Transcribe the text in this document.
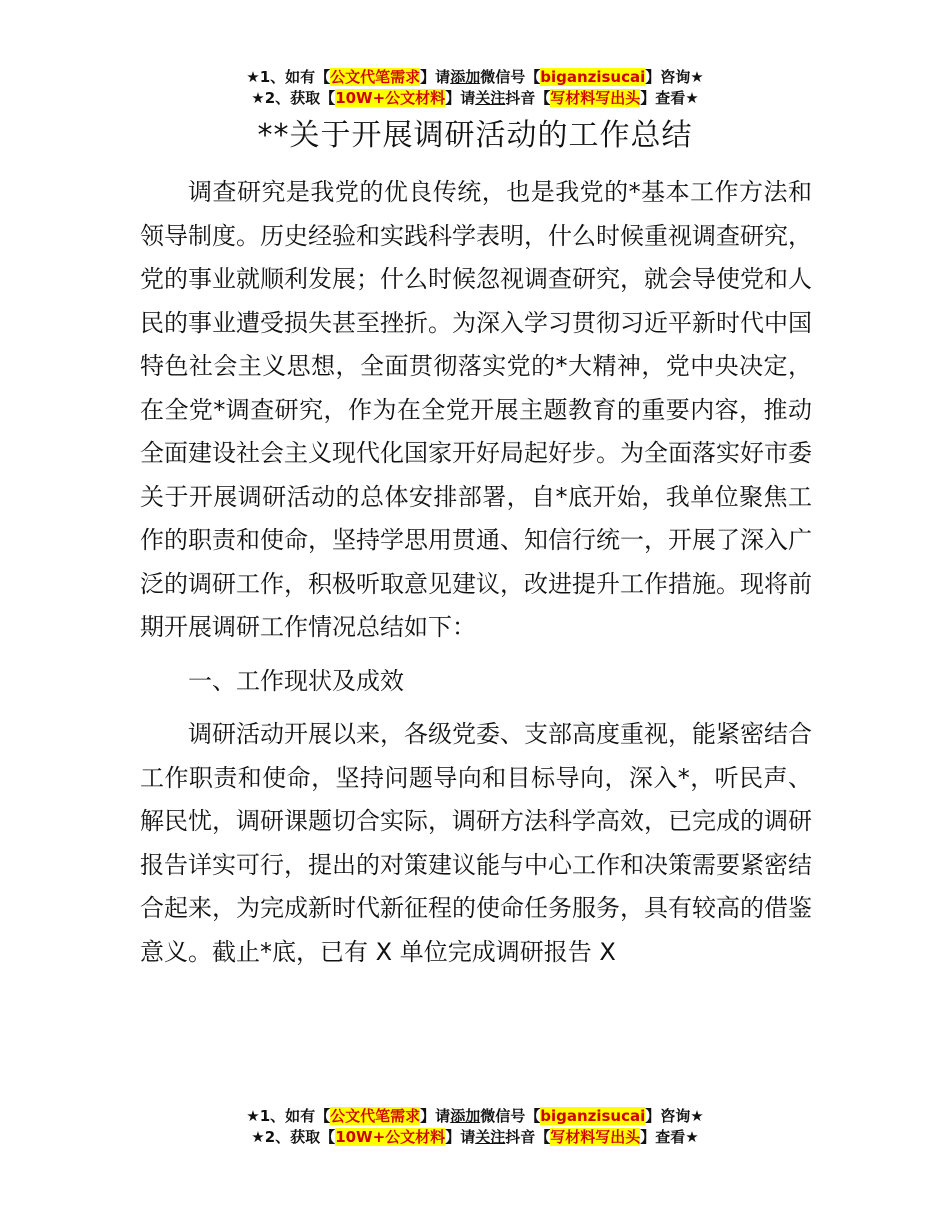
★1、如有【公文代笔需求】请添加微信号【biganzisucai】咨询★
★2、获取【10W+公文材料】请关注抖音【写材料写出头】查看★
**关于开展调研活动的工作总结

调查研究是我党的优良传统，也是我党的*基本工作方法和领导制度。历史经验和实践科学表明，什么时候重视调查研究，党的事业就顺利发展；什么时候忽视调查研究，就会导使党和人民的事业遭受损失甚至挫折。为深入学习贯彻习近平新时代中国特色社会主义思想，全面贯彻落实党的*大精神，党中央决定，在全党*调查研究，作为在全党开展主题教育的重要内容，推动全面建设社会主义现代化国家开好局起好步。为全面落实好市委关于开展调研活动的总体安排部署，自*底开始，我单位聚焦工作的职责和使命，坚持学思用贯通、知信行统一，开展了深入广泛的调研工作，积极听取意见建议，改进提升工作措施。现将前期开展调研工作情况总结如下：

一、工作现状及成效

调研活动开展以来，各级党委、支部高度重视，能紧密结合工作职责和使命，坚持问题导向和目标导向，深入*，听民声、解民忧，调研课题切合实际，调研方法科学高效，已完成的调研报告详实可行，提出的对策建议能与中心工作和决策需要紧密结合起来，为完成新时代新征程的使命任务服务，具有较高的借鉴意义。截止*底，已有 X 单位完成调研报告 X

★1、如有【公文代笔需求】请添加微信号【biganzisucai】咨询★
★2、获取【10W+公文材料】请关注抖音【写材料写出头】查看★
